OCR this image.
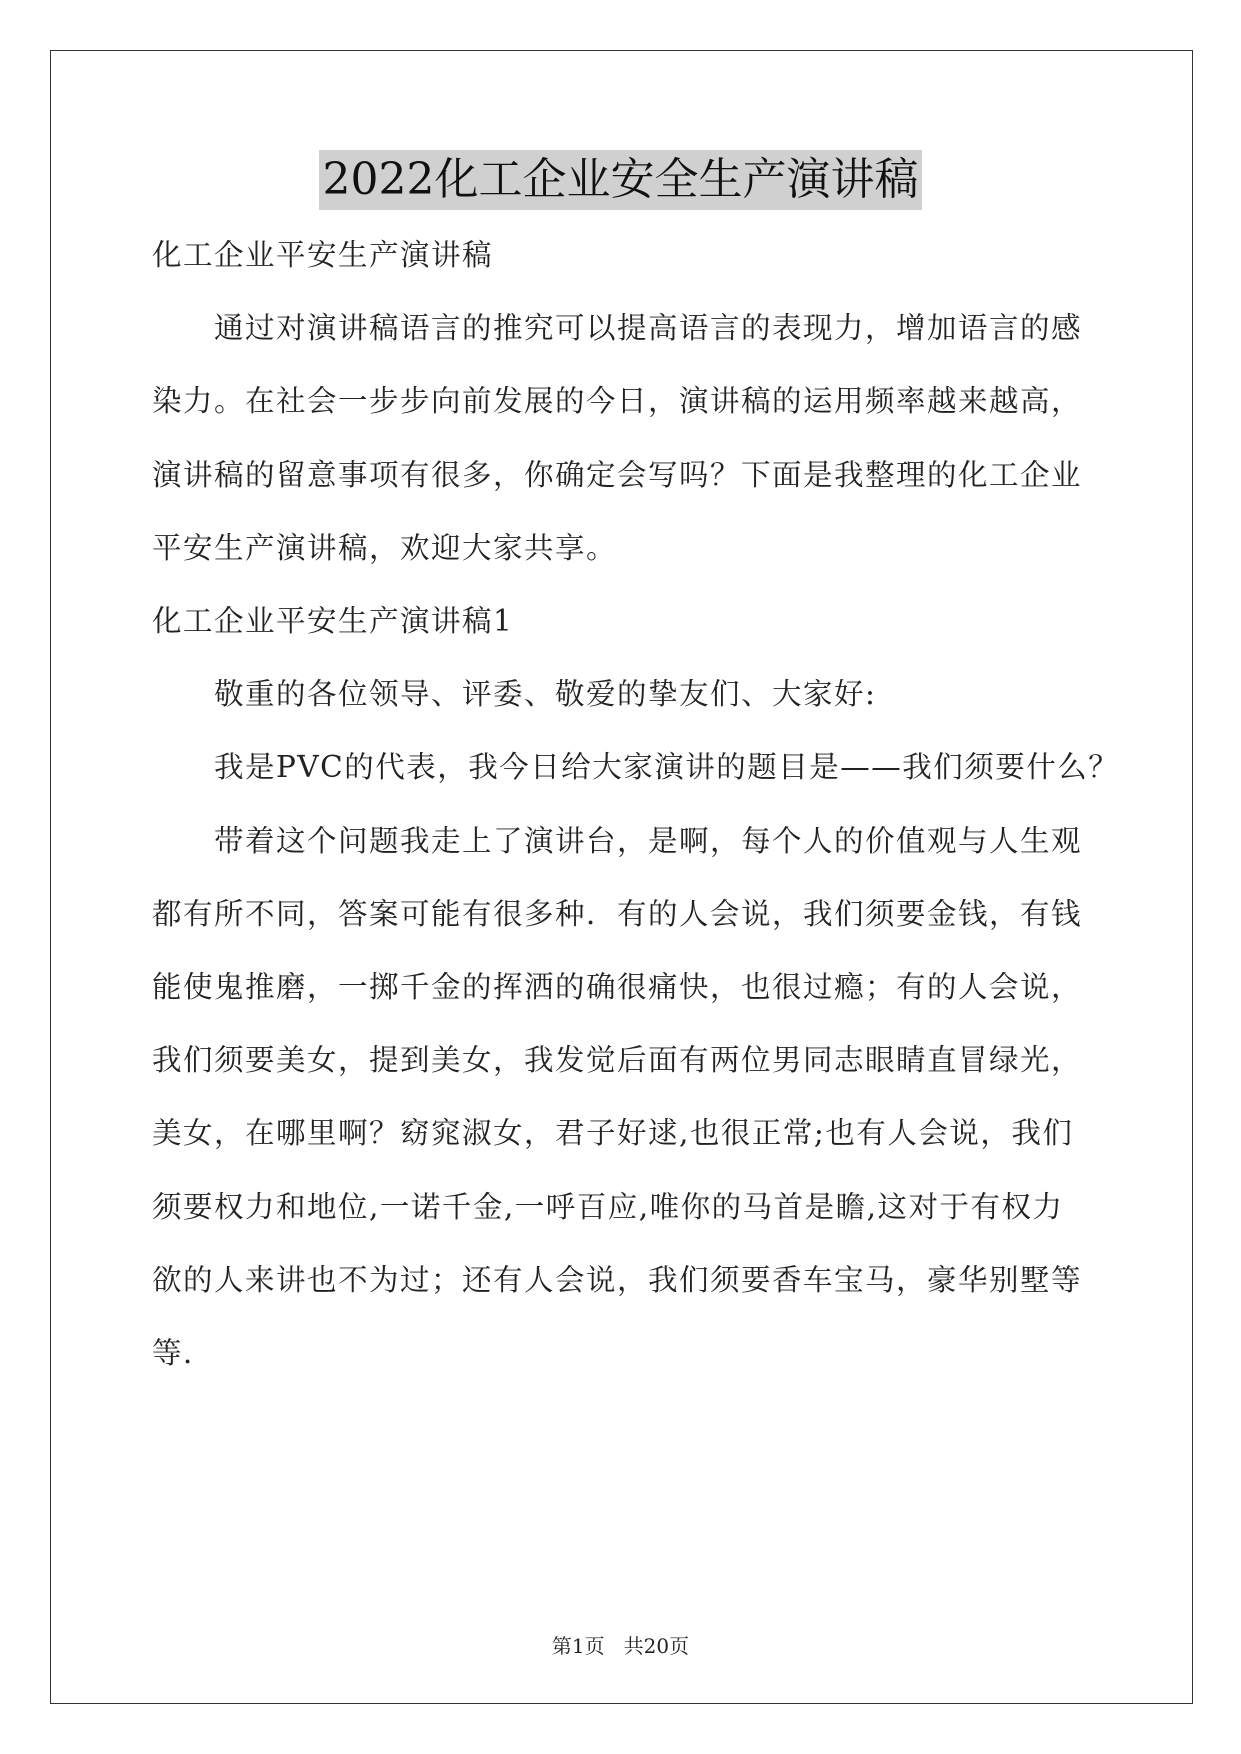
2022化工企业安全生产演讲稿
化工企业平安生产演讲稿
通过对演讲稿语言的推究可以提高语言的表现力，增加语言的感
染力。在社会一步步向前发展的今日，演讲稿的运用频率越来越高，
演讲稿的留意事项有很多，你确定会写吗？下面是我整理的化工企业
平安生产演讲稿，欢迎大家共享。
化工企业平安生产演讲稿1
敬重的各位领导、评委、敬爱的挚友们、大家好:
我是PVC的代表，我今日给大家演讲的题目是——我们须要什么？
带着这个问题我走上了演讲台，是啊，每个人的价值观与人生观
都有所不同，答案可能有很多种．有的人会说，我们须要金钱，有钱
能使鬼推磨，一掷千金的挥洒的确很痛快，也很过瘾；有的人会说，
我们须要美女，提到美女，我发觉后面有两位男同志眼睛直冒绿光，
美女，在哪里啊？窈窕淑女，君子好逑,也很正常;也有人会说，我们
须要权力和地位,一诺千金,一呼百应,唯你的马首是瞻,这对于有权力
欲的人来讲也不为过；还有人会说，我们须要香车宝马，豪华别墅等
等．
第1页   共20页
